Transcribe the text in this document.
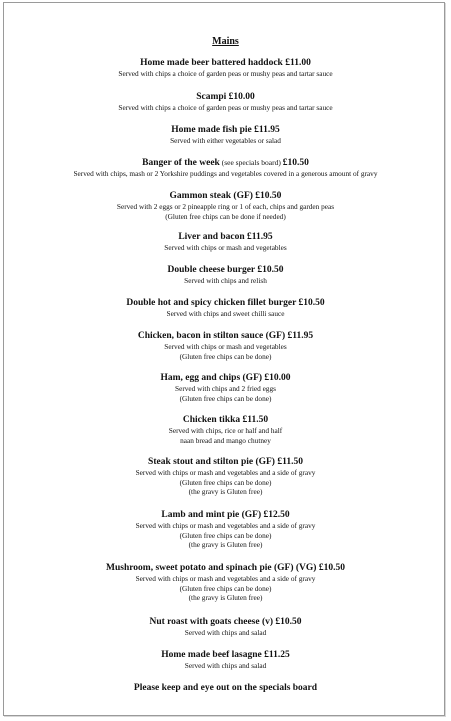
Mains
Home made beer battered haddock £11.00
Served with chips a choice of garden peas or mushy peas and tartar sauce
Scampi £10.00
Served with chips a choice of garden peas or mushy peas and tartar sauce
Home made fish pie £11.95
Served with either vegetables or salad
Banger of the week (see specials board) £10.50
Served with chips, mash or 2 Yorkshire puddings and vegetables covered in a generous amount of gravy
Gammon steak (GF) £10.50
Served with 2 eggs or 2 pineapple ring or 1 of each, chips and garden peas
(Gluten free chips can be done if needed)
Liver and bacon £11.95
Served with chips or mash and vegetables
Double cheese burger £10.50
Served with chips and relish
Double hot and spicy chicken fillet burger £10.50
Served with chips and sweet chilli sauce
Chicken, bacon in stilton sauce (GF) £11.95
Served with chips or mash and vegetables
(Gluten free chips can be done)
Ham, egg and chips (GF) £10.00
Served with chips and 2 fried eggs
(Gluten free chips can be done)
Chicken tikka £11.50
Served with chips, rice or half and half
naan bread and mango chutney
Steak stout and stilton pie (GF) £11.50
Served with chips or mash and vegetables and a side of gravy
(Gluten free chips can be done)
(the gravy is Gluten free)
Lamb and mint pie (GF) £12.50
Served with chips or mash and vegetables and a side of gravy
(Gluten free chips can be done)
(the gravy is Gluten free)
Mushroom, sweet potato and spinach pie (GF) (VG) £10.50
Served with chips or mash and vegetables and a side of gravy
(Gluten free chips can be done)
(the gravy is Gluten free)
Nut roast with goats cheese (v) £10.50
Served with chips and salad
Home made beef lasagne £11.25
Served with chips and salad
Please keep and eye out on the specials board
